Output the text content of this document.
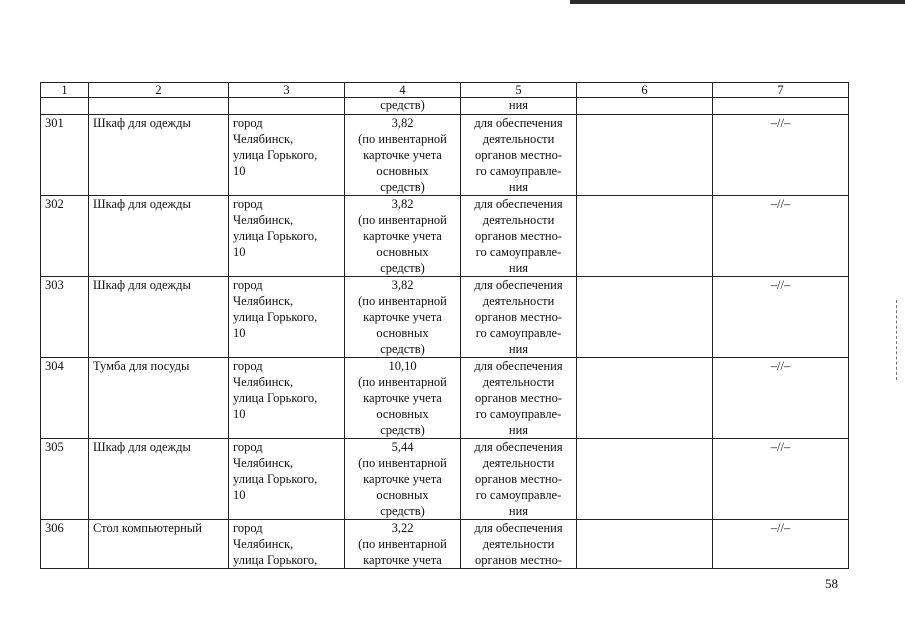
1	2	3	4	5	6	7
			средств)	ния		
301	Шкаф для одежды	город
Челябинск,
улица Горького,
10	3,82
(по инвентарной
карточке учета
основных
средств)	для обеспечения
деятельности
органов местно-
го самоуправле-
ния		–//–
302	Шкаф для одежды	город
Челябинск,
улица Горького,
10	3,82
(по инвентарной
карточке учета
основных
средств)	для обеспечения
деятельности
органов местно-
го самоуправле-
ния		–//–
303	Шкаф для одежды	город
Челябинск,
улица Горького,
10	3,82
(по инвентарной
карточке учета
основных
средств)	для обеспечения
деятельности
органов местно-
го самоуправле-
ния		–//–
304	Тумба для посуды	город
Челябинск,
улица Горького,
10	10,10
(по инвентарной
карточке учета
основных
средств)	для обеспечения
деятельности
органов местно-
го самоуправле-
ния		–//–
305	Шкаф для одежды	город
Челябинск,
улица Горького,
10	5,44
(по инвентарной
карточке учета
основных
средств)	для обеспечения
деятельности
органов местно-
го самоуправле-
ния		–//–
306	Стол компьютерный	город
Челябинск,
улица Горького,	3,22
(по инвентарной
карточке учета	для обеспечения
деятельности
органов местно-		–//–
58
